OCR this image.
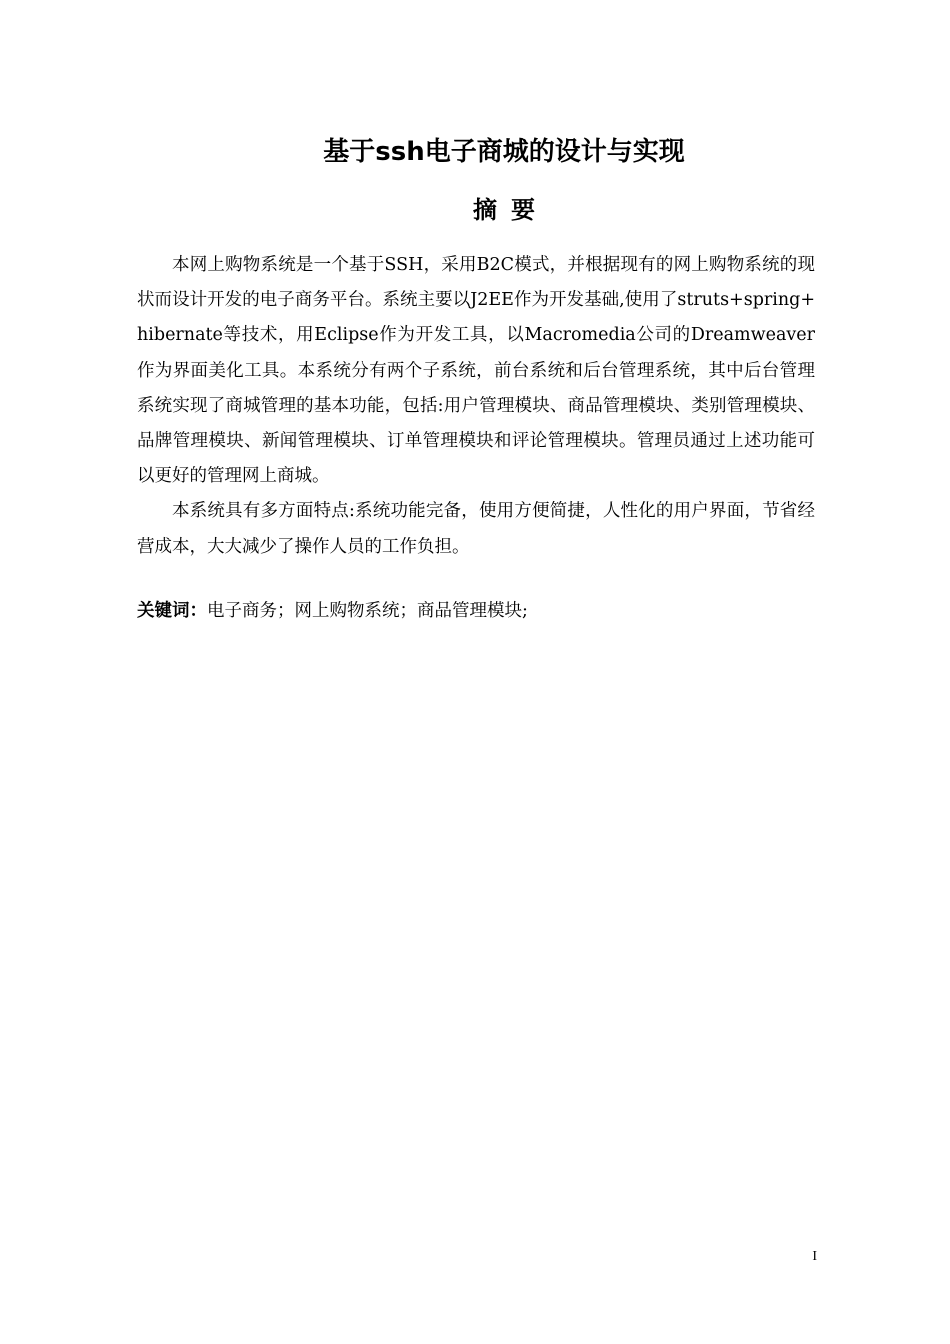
基于ssh电子商城的设计与实现
摘要

本网上购物系统是一个基于SSH，采用B2C模式，并根据现有的网上购物系统的现状而设计开发的电子商务平台。系统主要以J2EE作为开发基础,使用了struts+spring+hibernate等技术，用Eclipse作为开发工具，以Macromedia公司的Dreamweaver作为界面美化工具。本系统分有两个子系统，前台系统和后台管理系统，其中后台管理系统实现了商城管理的基本功能，包括:用户管理模块、商品管理模块、类别管理模块、品牌管理模块、新闻管理模块、订单管理模块和评论管理模块。管理员通过上述功能可以更好的管理网上商城。

本系统具有多方面特点:系统功能完备，使用方便简捷，人性化的用户界面，节省经营成本，大大减少了操作人员的工作负担。

关键词：电子商务；网上购物系统；商品管理模块;
I
